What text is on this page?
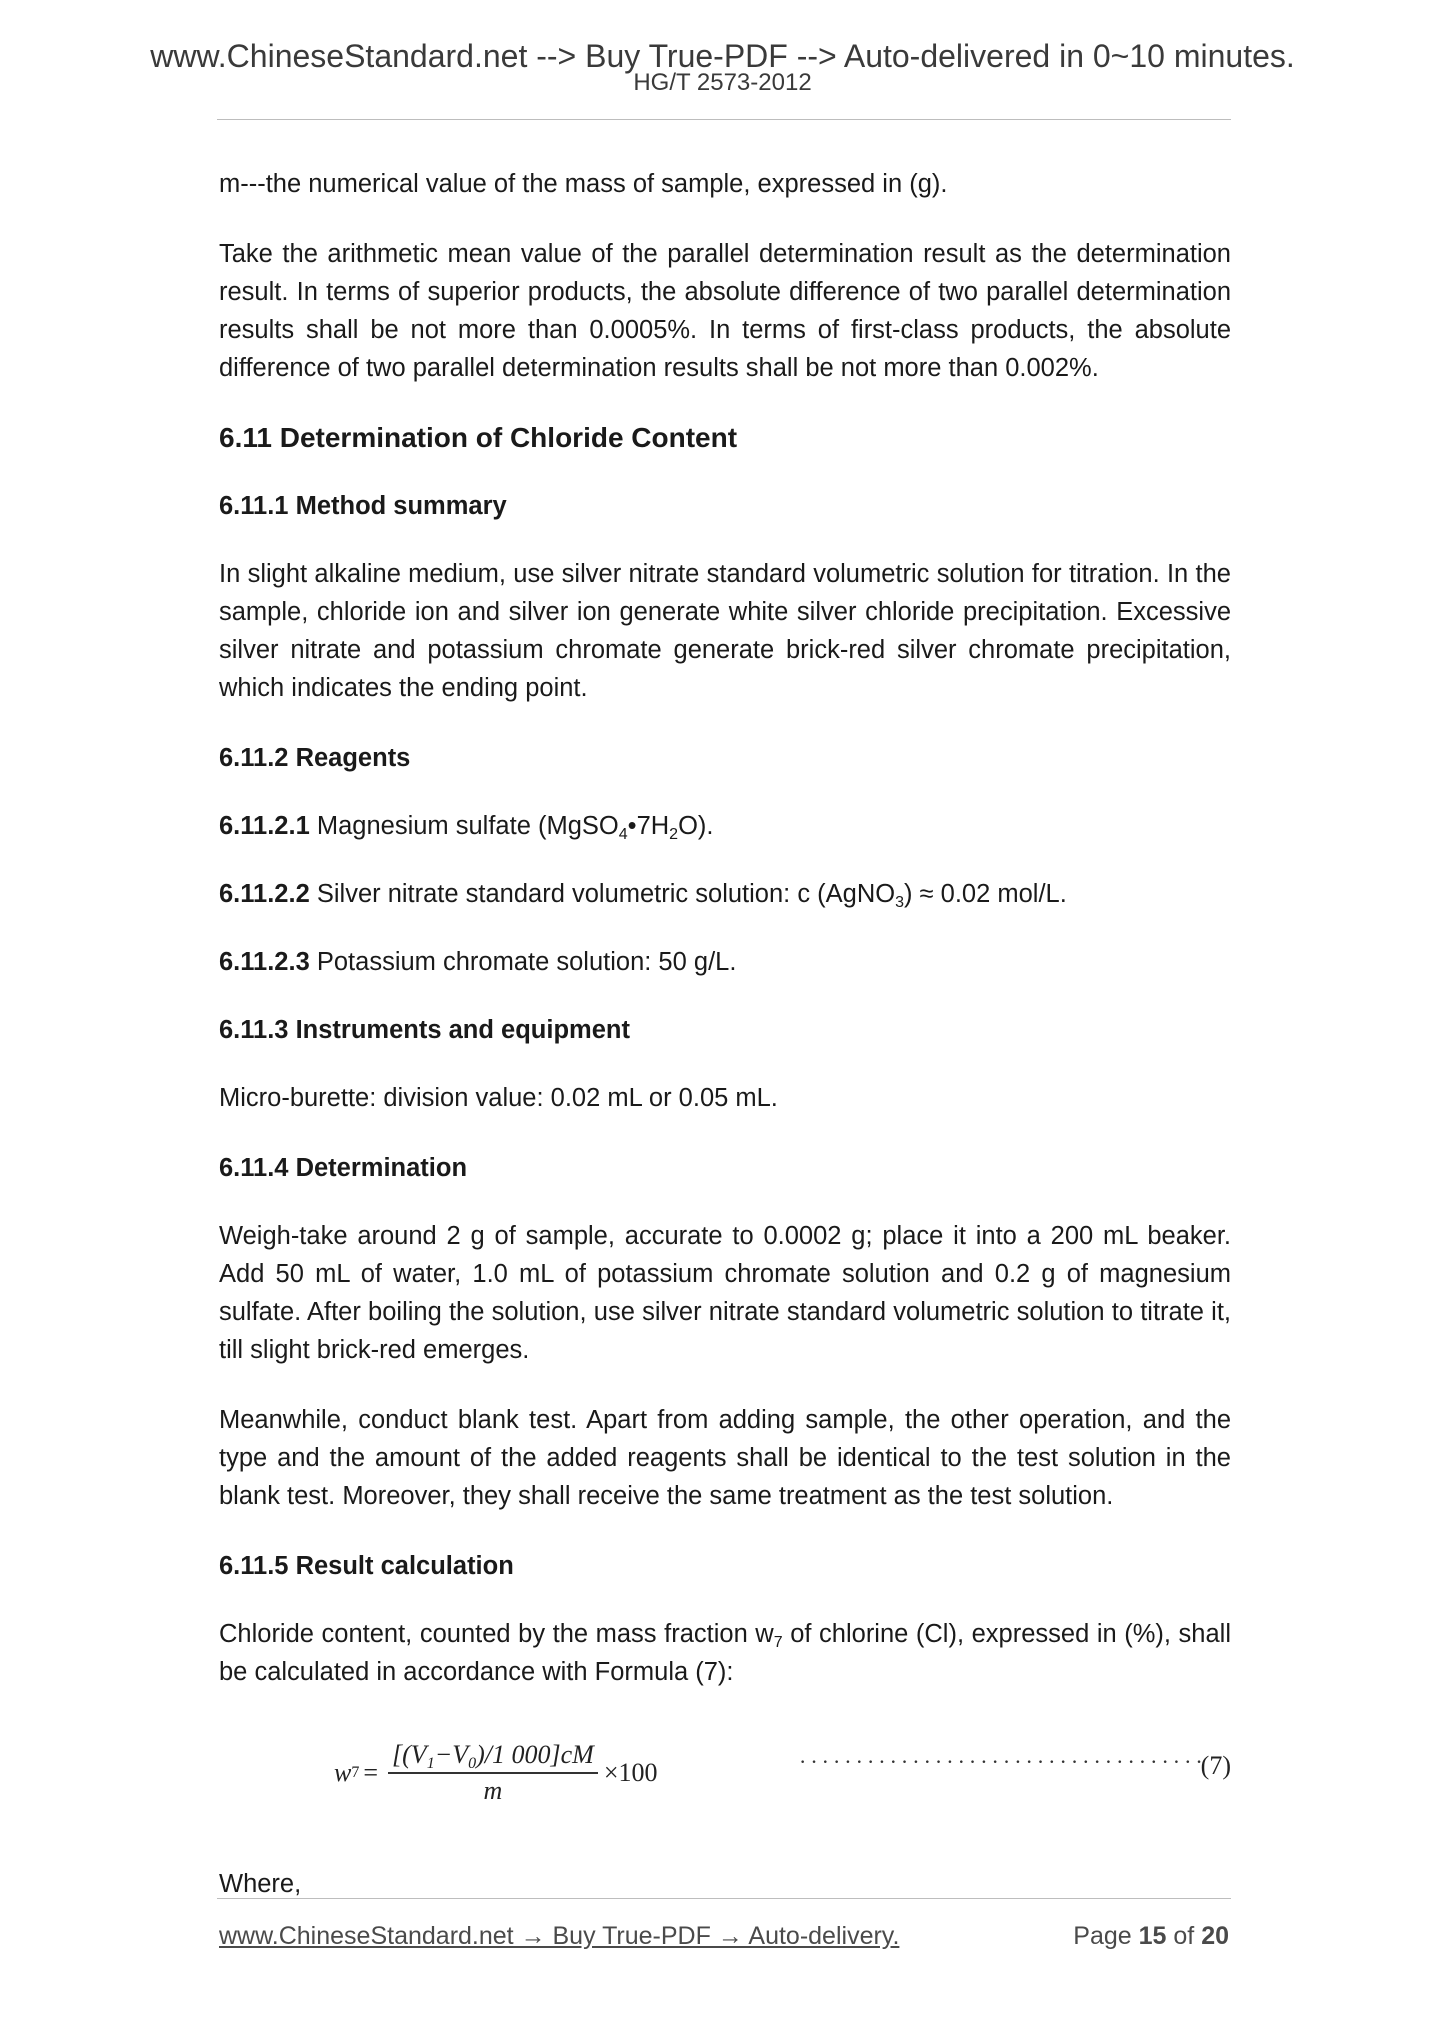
www.ChineseStandard.net --> Buy True-PDF --> Auto-delivered in 0~10 minutes.
HG/T 2573-2012

m---the numerical value of the mass of sample, expressed in (g).

Take the arithmetic mean value of the parallel determination result as the determination result. In terms of superior products, the absolute difference of two parallel determination results shall be not more than 0.0005%. In terms of first-class products, the absolute difference of two parallel determination results shall be not more than 0.002%.

6.11 Determination of Chloride Content
6.11.1 Method summary

In slight alkaline medium, use silver nitrate standard volumetric solution for titration. In the sample, chloride ion and silver ion generate white silver chloride precipitation. Excessive silver nitrate and potassium chromate generate brick-red silver chromate precipitation, which indicates the ending point.

6.11.2 Reagents

6.11.2.1 Magnesium sulfate $(MgSO_4•7H_2O)$.

6.11.2.2 Silver nitrate standard volumetric solution: c (AgNO$_3$) ≈ 0.02 mol/L.

6.11.2.3 Potassium chromate solution: 50 g/L.

6.11.3 Instruments and equipment

Micro-burette: division value: 0.02 mL or 0.05 mL.

6.11.4 Determination

Weigh-take around 2 g of sample, accurate to 0.0002 g; place it into a 200 mL beaker. Add 50 mL of water, 1.0 mL of potassium chromate solution and 0.2 g of magnesium sulfate. After boiling the solution, use silver nitrate standard volumetric solution to titrate it, till slight brick-red emerges.

Meanwhile, conduct blank test. Apart from adding sample, the other operation, and the type and the amount of the added reagents shall be identical to the test solution in the blank test. Moreover, they shall receive the same treatment as the test solution.

6.11.5 Result calculation

Chloride content, counted by the mass fraction $w_7$ of chlorine (Cl), expressed in (%), shall be calculated in accordance with Formula (7):

w $7 = \frac{[(V_1-V_0)/1 000]cM}{m} \times 100$	····································
(7)

Where,

www.ChineseStandard.net → Buy True-PDF → Auto-delivery.	Page 15 of 20
